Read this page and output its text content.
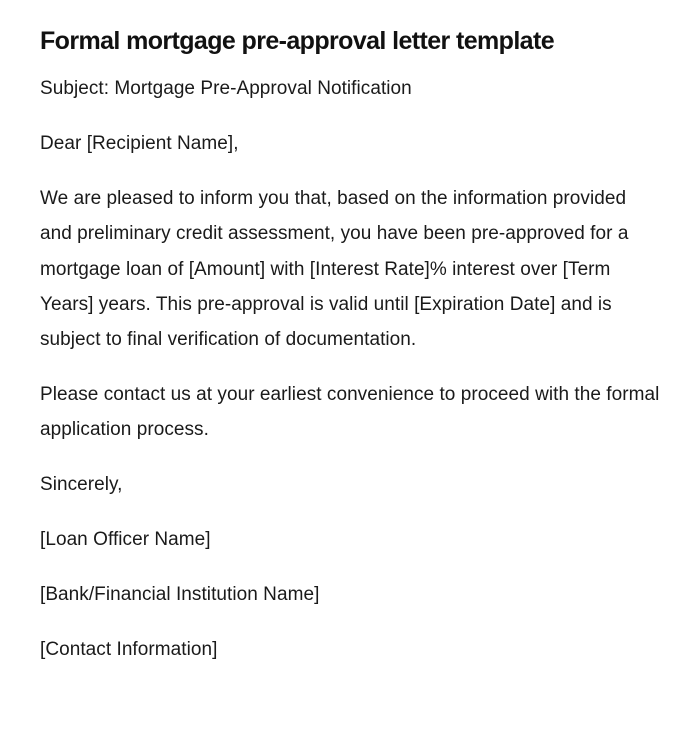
Formal mortgage pre-approval letter template

Subject: Mortgage Pre-Approval Notification

Dear [Recipient Name],

We are pleased to inform you that, based on the information provided and preliminary credit assessment, you have been pre-approved for a mortgage loan of [Amount] with [Interest Rate]% interest over [Term Years] years. This pre-approval is valid until [Expiration Date] and is subject to final verification of documentation.

Please contact us at your earliest convenience to proceed with the formal application process.

Sincerely,

[Loan Officer Name]

[Bank/Financial Institution Name]

[Contact Information]
